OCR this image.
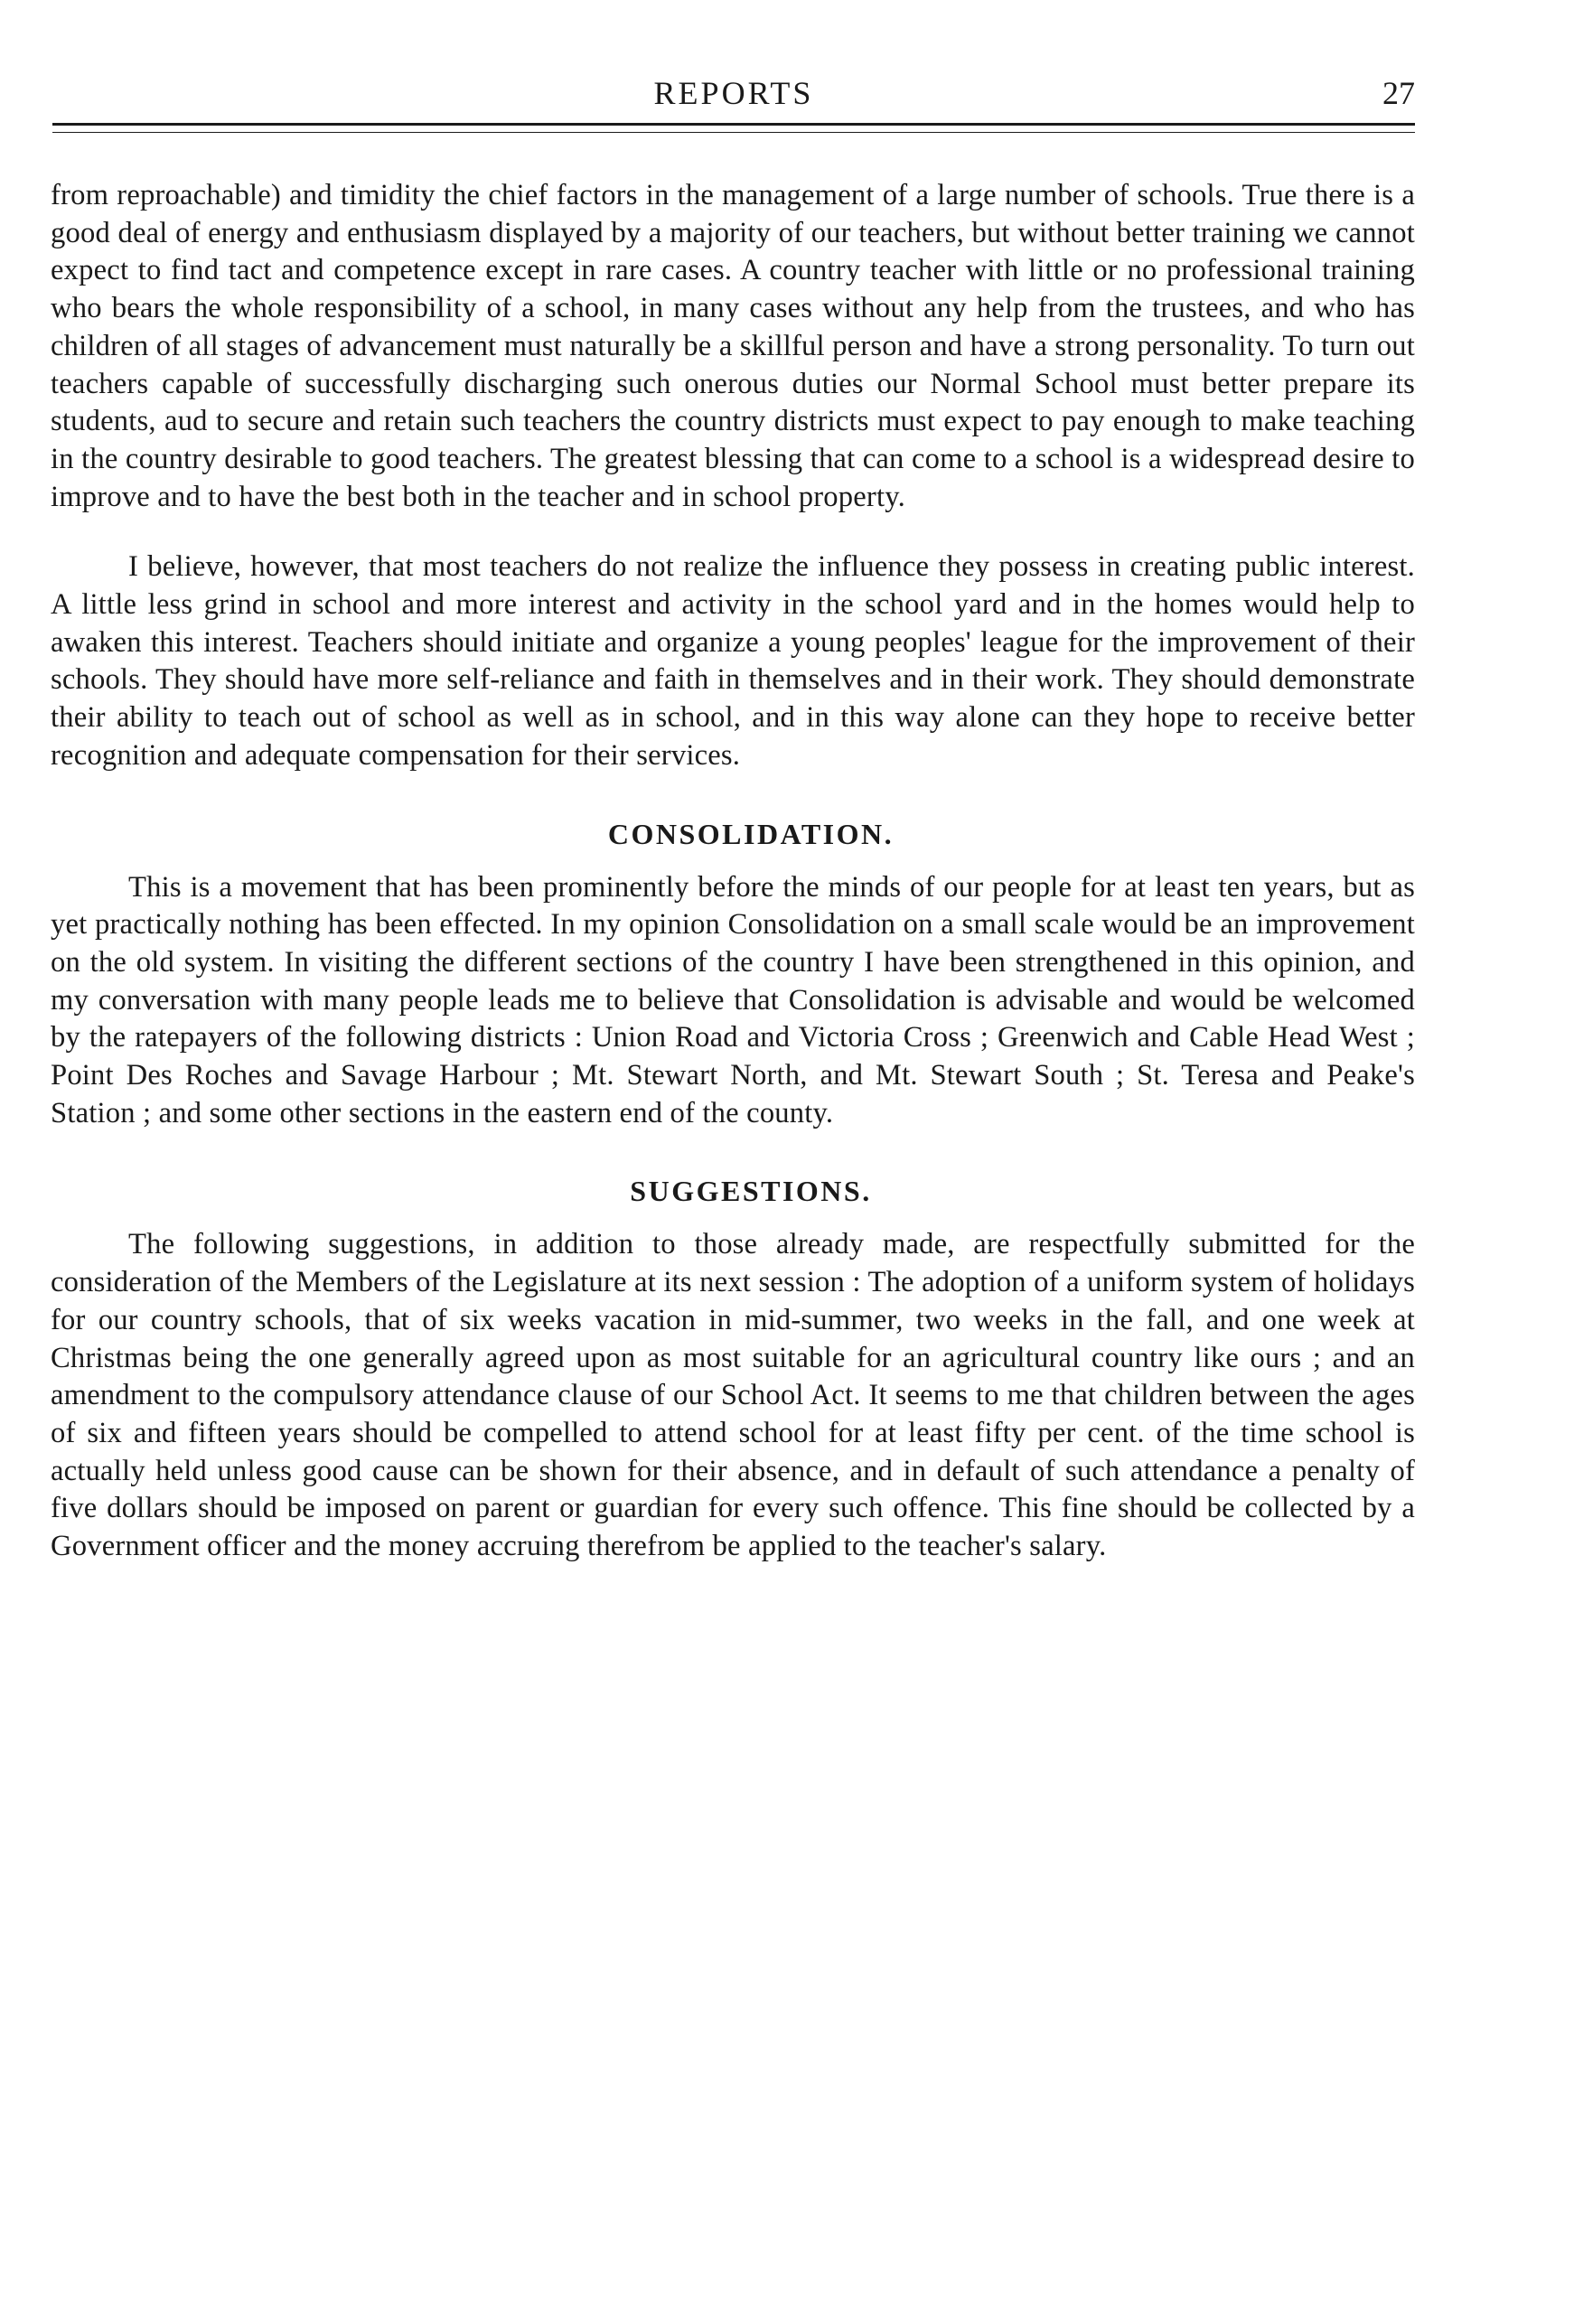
REPORTS	27

from reproachable) and timidity the chief factors in the management of a large number of schools. True there is a good deal of energy and enthusiasm displayed by a majority of our teachers, but without better training we cannot expect to find tact and competence except in rare cases. A country teacher with little or no professional training who bears the whole responsibility of a school, in many cases without any help from the trustees, and who has children of all stages of advancement must naturally be a skillful person and have a strong personality. To turn out teachers capable of successfully discharging such onerous duties our Normal School must better prepare its students, aud to secure and retain such teachers the country districts must expect to pay enough to make teaching in the country desirable to good teachers. The greatest blessing that can come to a school is a widespread desire to improve and to have the best both in the teacher and in school property.

I believe, however, that most teachers do not realize the influence they possess in creating public interest. A little less grind in school and more interest and activity in the school yard and in the homes would help to awaken this interest. Teachers should initiate and organize a young peoples' league for the improvement of their schools. They should have more self-reliance and faith in themselves and in their work. They should demonstrate their ability to teach out of school as well as in school, and in this way alone can they hope to receive better recognition and adequate compensation for their services.

CONSOLIDATION.

This is a movement that has been prominently before the minds of our people for at least ten years, but as yet practically nothing has been effected. In my opinion Consolidation on a small scale would be an improvement on the old system. In visiting the different sections of the country I have been strengthened in this opinion, and my conversation with many people leads me to believe that Consolidation is advisable and would be welcomed by the ratepayers of the following districts : Union Road and Victoria Cross ; Greenwich and Cable Head West ; Point Des Roches and Savage Harbour ; Mt. Stewart North, and Mt. Stewart South ; St. Teresa and Peake's Station ; and some other sections in the eastern end of the county.

SUGGESTIONS.

The following suggestions, in addition to those already made, are respectfully submitted for the consideration of the Members of the Legislature at its next session : The adoption of a uniform system of holidays for our country schools, that of six weeks vacation in mid-summer, two weeks in the fall, and one week at Christmas being the one generally agreed upon as most suitable for an agricultural country like ours ; and an amendment to the compulsory attendance clause of our School Act. It seems to me that children between the ages of six and fifteen years should be compelled to attend school for at least fifty per cent. of the time school is actually held unless good cause can be shown for their absence, and in default of such attendance a penalty of five dollars should be imposed on parent or guardian for every such offence. This fine should be collected by a Government officer and the money accruing therefrom be applied to the teacher's salary.
